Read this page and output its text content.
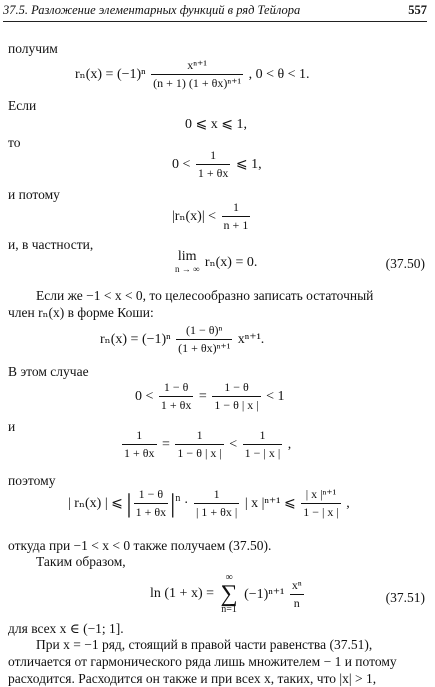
37.5. Разложение элементарных функций в ряд Тейлора	557
получим
$r_n(x) = (-1)^n \frac{\text{xⁿ⁺¹}}{\text{(n + 1) (1 + θx)ⁿ⁺¹}}$ , 0 < θ < 1.
Если
0 ⩽ x ⩽ 1,
то
$0 < \frac{1}{1 + \theta x}$ ⩽ 1,
и потому
$|r_n(x)| < \frac{1}{n + 1}$
и, в частности,
lim
n → ∞ rₙ(x) = 0.	(37.50)
Если же −1 < x < 0, то целесообразно записать остаточный
член rₙ(x) в форме Коши:
$r_n(x) = (-1)^n \frac{\text{(1 − θ)ⁿ}}{\text{(1 + θx)ⁿ⁺¹}} x^{n+1}$.
В этом случае
$0 < \frac{1 - \theta}{1 + \theta x} = \frac{1 - \theta}{1 - \theta | x |} < 1$
и
$\frac{1}{1 + \theta x} = \frac{1}{1 - \theta | x |} < \frac{1}{1 - | x |}$ ,
поэтому
| rₙ(x) | ⩽ | $\frac{1 - \theta}{1 + \theta x} |^n \cdot \frac{1}{| 1 + \theta x |}$ | x |ⁿ⁺¹ ⩽ $\frac{\text{| x |ⁿ⁺¹}}{1 - | x |}$ ,
откуда при −1 < x < 0 также получаем (37.50).
Таким образом,
ln (1 + x) =
∞
∑
n=1
$(-1)^{n+1} \frac{\text{xⁿ}}{n}$	(37.51)
для всех x ∈ (−1; 1].
При x = −1 ряд, стоящий в правой части равенства (37.51),
отличается от гармонического ряда лишь множителем − 1 и потому
расходится. Расходится он также и при всех x, таких, что |x| > 1,
